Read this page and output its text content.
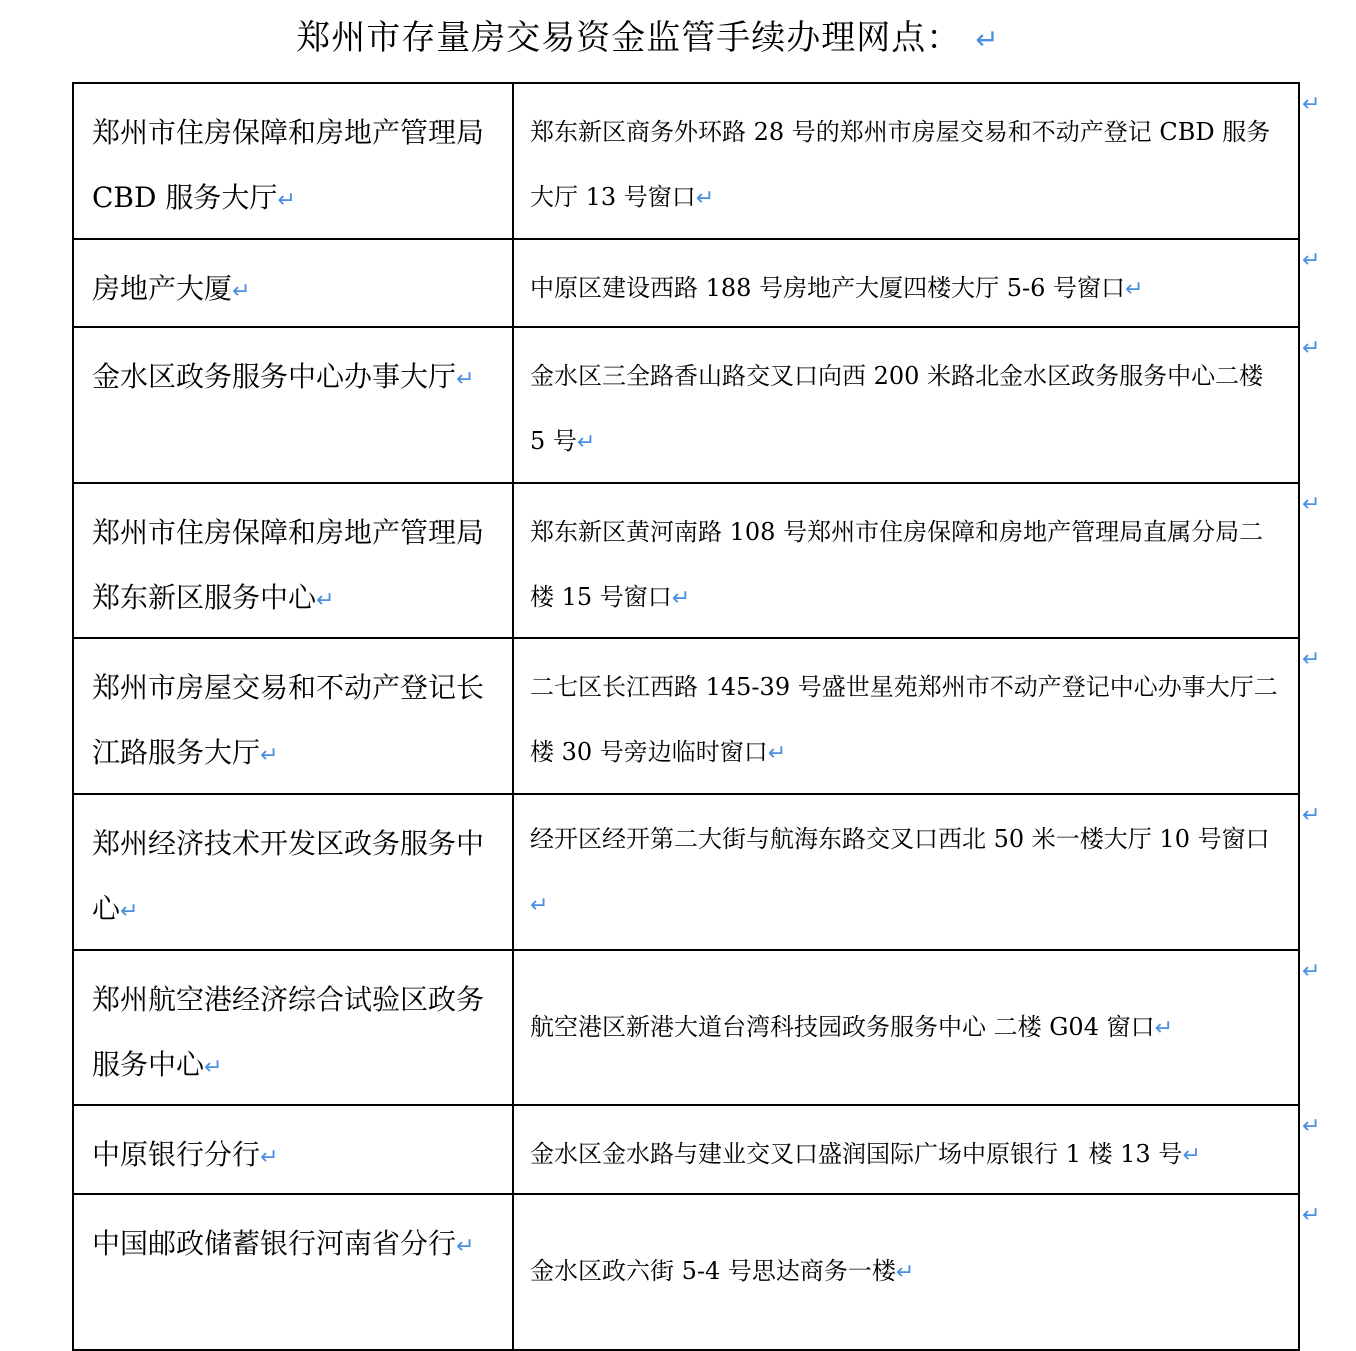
郑州市存量房交易资金监管手续办理网点： ↵
郑州市住房保障和房地产管理局 CBD 服务大厅↵	郑东新区商务外环路 28 号的郑州市房屋交易和不动产登记 CBD 服务大厅 13 号窗口↵
房地产大厦↵	中原区建设西路 188 号房地产大厦四楼大厅 5-6 号窗口↵
金水区政务服务中心办事大厅↵	金水区三全路香山路交叉口向西 200 米路北金水区政务服务中心二楼 5 号↵
郑州市住房保障和房地产管理局郑东新区服务中心↵	郑东新区黄河南路 108 号郑州市住房保障和房地产管理局直属分局二楼 15 号窗口↵
郑州市房屋交易和不动产登记长江路服务大厅↵	二七区长江西路 145-39 号盛世星苑郑州市不动产登记中心办事大厅二楼 30 号旁边临时窗口↵
郑州经济技术开发区政务服务中心↵	经开区经开第二大街与航海东路交叉口西北 50 米一楼大厅 10 号窗口↵
郑州航空港经济综合试验区政务服务中心↵	航空港区新港大道台湾科技园政务服务中心 二楼 G04 窗口↵
中原银行分行↵	金水区金水路与建业交叉口盛润国际广场中原银行 1 楼 13 号↵
中国邮政储蓄银行河南省分行↵	金水区政六街 5-4 号思达商务一楼↵
↵
↵
↵
↵
↵
↵
↵
↵
↵
